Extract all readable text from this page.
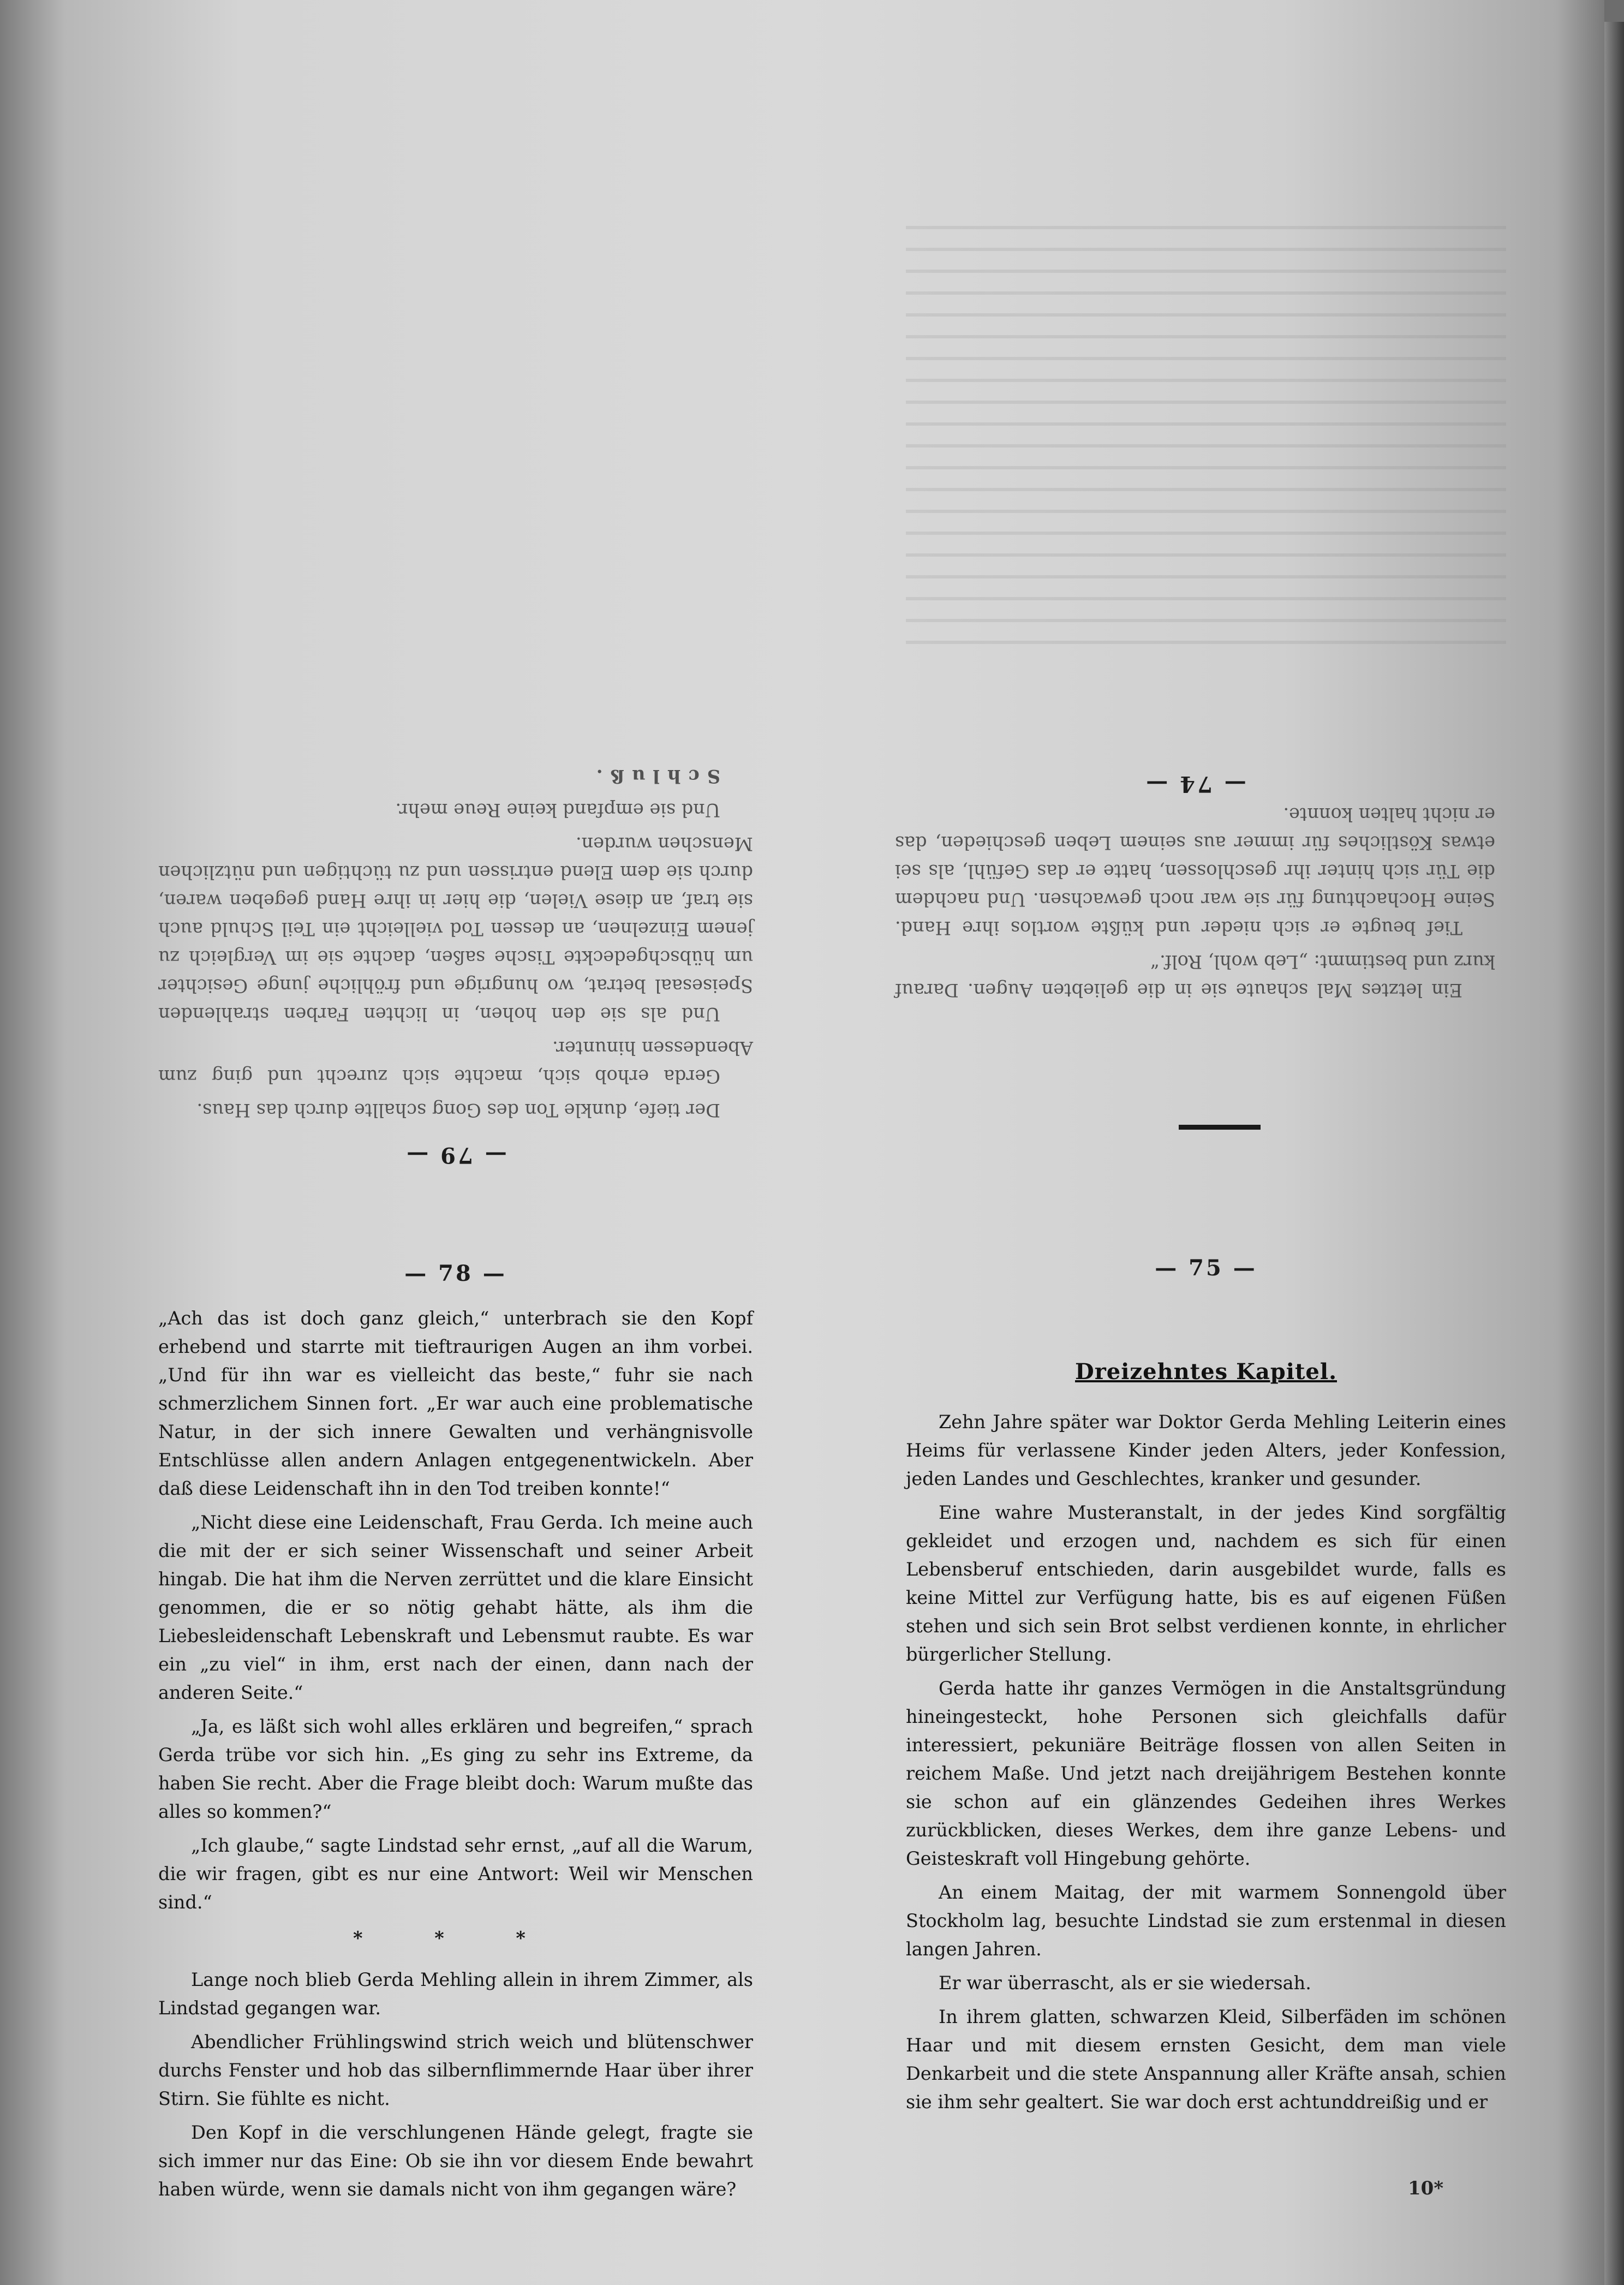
— 79 —

Der tiefe, dunkle Ton des Gong schallte durch das Haus.

Gerda erhob sich, machte sich zurecht und ging zum Abendessen hinunter.

Und als sie den hohen, in lichten Farben strahlenden Speisesaal betrat, wo hungrige und fröhliche junge Gesichter um hübschgedeckte Tische saßen, dachte sie im Vergleich zu jenem Einzelnen, an dessen Tod vielleicht ein Teil Schuld auch sie traf, an diese Vielen, die hier in ihre Hand gegeben waren, durch sie dem Elend entrissen und zu tüchtigen und nützlichen Menschen wurden.

Und sie empfand keine Reue mehr.

Schluß.

Ein letztes Mal schaute sie in die geliebten Augen. Darauf kurz und bestimmt: „Leb wohl, Rolf.“

Tief beugte er sich nieder und küßte wortlos ihre Hand. Seine Hochachtung für sie war noch gewachsen. Und nachdem die Tür sich hinter ihr geschlossen, hatte er das Gefühl, als sei etwas Köstliches für immer aus seinem Leben geschieden, das er nicht halten konnte.

— 74 —
— 78 —

„Ach das ist doch ganz gleich,“ unterbrach sie den Kopf erhebend und starrte mit tieftraurigen Augen an ihm vorbei. „Und für ihn war es vielleicht das beste,“ fuhr sie nach schmerzlichem Sinnen fort. „Er war auch eine problematische Natur, in der sich innere Gewalten und verhängnisvolle Entschlüsse allen andern Anlagen entgegenentwickeln. Aber daß diese Leidenschaft ihn in den Tod treiben konnte!“

„Nicht diese eine Leidenschaft, Frau Gerda. Ich meine auch die mit der er sich seiner Wissenschaft und seiner Arbeit hingab. Die hat ihm die Nerven zerrüttet und die klare Einsicht genommen, die er so nötig gehabt hätte, als ihm die Liebesleidenschaft Lebenskraft und Lebensmut raubte. Es war ein „zu viel“ in ihm, erst nach der einen, dann nach der anderen Seite.“

„Ja, es läßt sich wohl alles erklären und begreifen,“ sprach Gerda trübe vor sich hin. „Es ging zu sehr ins Extreme, da haben Sie recht. Aber die Frage bleibt doch: Warum mußte das alles so kommen?“

„Ich glaube,“ sagte Lindstad sehr ernst, „auf all die Warum, die wir fragen, gibt es nur eine Antwort: Weil wir Menschen sind.“

* * *

Lange noch blieb Gerda Mehling allein in ihrem Zimmer, als Lindstad gegangen war.

Abendlicher Frühlingswind strich weich und blütenschwer durchs Fenster und hob das silbernflimmernde Haar über ihrer Stirn. Sie fühlte es nicht.

Den Kopf in die verschlungenen Hände gelegt, fragte sie sich immer nur das Eine: Ob sie ihn vor diesem Ende bewahrt haben würde, wenn sie damals nicht von ihm gegangen wäre?

— 75 —
Dreizehntes Kapitel.

Zehn Jahre später war Doktor Gerda Mehling Leiterin eines Heims für verlassene Kinder jeden Alters, jeder Konfession, jeden Landes und Geschlechtes, kranker und gesunder.

Eine wahre Musteranstalt, in der jedes Kind sorgfältig gekleidet und erzogen und, nachdem es sich für einen Lebensberuf entschieden, darin ausgebildet wurde, falls es keine Mittel zur Verfügung hatte, bis es auf eigenen Füßen stehen und sich sein Brot selbst verdienen konnte, in ehrlicher bürgerlicher Stellung.

Gerda hatte ihr ganzes Vermögen in die Anstaltsgründung hineingesteckt, hohe Personen sich gleichfalls dafür interessiert, pekuniäre Beiträge flossen von allen Seiten in reichem Maße. Und jetzt nach dreijährigem Bestehen konnte sie schon auf ein glänzendes Gedeihen ihres Werkes zurückblicken, dieses Werkes, dem ihre ganze Lebens- und Geisteskraft voll Hingebung gehörte.

An einem Maitag, der mit warmem Sonnengold über Stockholm lag, besuchte Lindstad sie zum erstenmal in diesen langen Jahren.

Er war überrascht, als er sie wiedersah.

In ihrem glatten, schwarzen Kleid, Silberfäden im schönen Haar und mit diesem ernsten Gesicht, dem man viele Denkarbeit und die stete Anspannung aller Kräfte ansah, schien sie ihm sehr gealtert. Sie war doch erst achtunddreißig und er

10*
